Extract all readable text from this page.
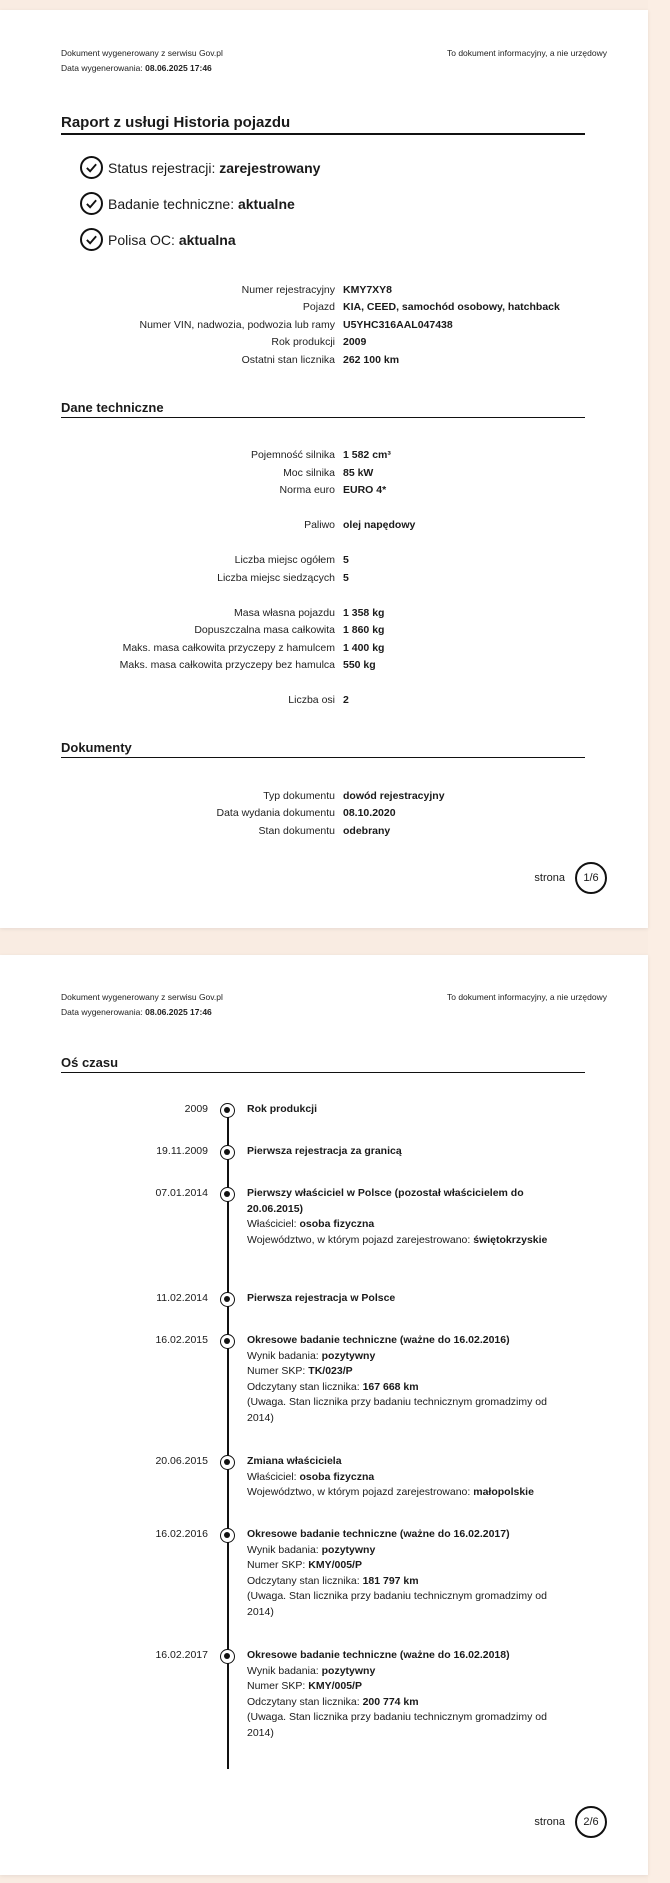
Dokument wygenerowany z serwisu Gov.pl
Data wygenerowania: 08.06.2025 17:46
To dokument informacyjny, a nie urzędowy
Raport z usługi Historia pojazdu
Status rejestracji:
zarejestrowany
Badanie techniczne:
aktualne
Polisa OC:
aktualna
Numer rejestracyjny KMY7XY8
Pojazd KIA, CEED, samochód osobowy, hatchback
Numer VIN, nadwozia, podwozia lub ramy U5YHC316AAL047438
Rok produkcji 2009
Ostatni stan licznika 262 100 km
Dane techniczne
Pojemność silnika 1 582 cm³
Moc silnika 85 kW
Norma euro EURO 4*
Paliwo olej napędowy
Liczba miejsc ogółem 5
Liczba miejsc siedzących 5
Masa własna pojazdu 1 358 kg
Dopuszczalna masa całkowita 1 860 kg
Maks. masa całkowita przyczepy z hamulcem 1 400 kg
Maks. masa całkowita przyczepy bez hamulca 550 kg
Liczba osi 2
Dokumenty
Typ dokumentu dowód rejestracyjny
Data wydania dokumentu 08.10.2020
Stan dokumentu odebrany
strona	1/6
Dokument wygenerowany z serwisu Gov.pl
Data wygenerowania: 08.06.2025 17:46
To dokument informacyjny, a nie urzędowy
Oś czasu
2009	Rok produkcji
19.11.2009	Pierwsza rejestracja za granicą
07.01.2014	Pierwszy właściciel w Polsce (pozostał właścicielem do 20.06.2015)
Właściciel: osoba fizyczna
Województwo, w którym pojazd zarejestrowano: świętokrzyskie
11.02.2014	Pierwsza rejestracja w Polsce
16.02.2015	Okresowe badanie techniczne (ważne do 16.02.2016)
Wynik badania: pozytywny
Numer SKP: TK/023/P
Odczytany stan licznika: 167 668 km
(Uwaga. Stan licznika przy badaniu technicznym gromadzimy od 2014)
20.06.2015	Zmiana właściciela
Właściciel: osoba fizyczna
Województwo, w którym pojazd zarejestrowano: małopolskie
16.02.2016	Okresowe badanie techniczne (ważne do 16.02.2017)
Wynik badania: pozytywny
Numer SKP: KMY/005/P
Odczytany stan licznika: 181 797 km
(Uwaga. Stan licznika przy badaniu technicznym gromadzimy od 2014)
16.02.2017	Okresowe badanie techniczne (ważne do 16.02.2018)
Wynik badania: pozytywny
Numer SKP: KMY/005/P
Odczytany stan licznika: 200 774 km
(Uwaga. Stan licznika przy badaniu technicznym gromadzimy od 2014)
strona	2/6
